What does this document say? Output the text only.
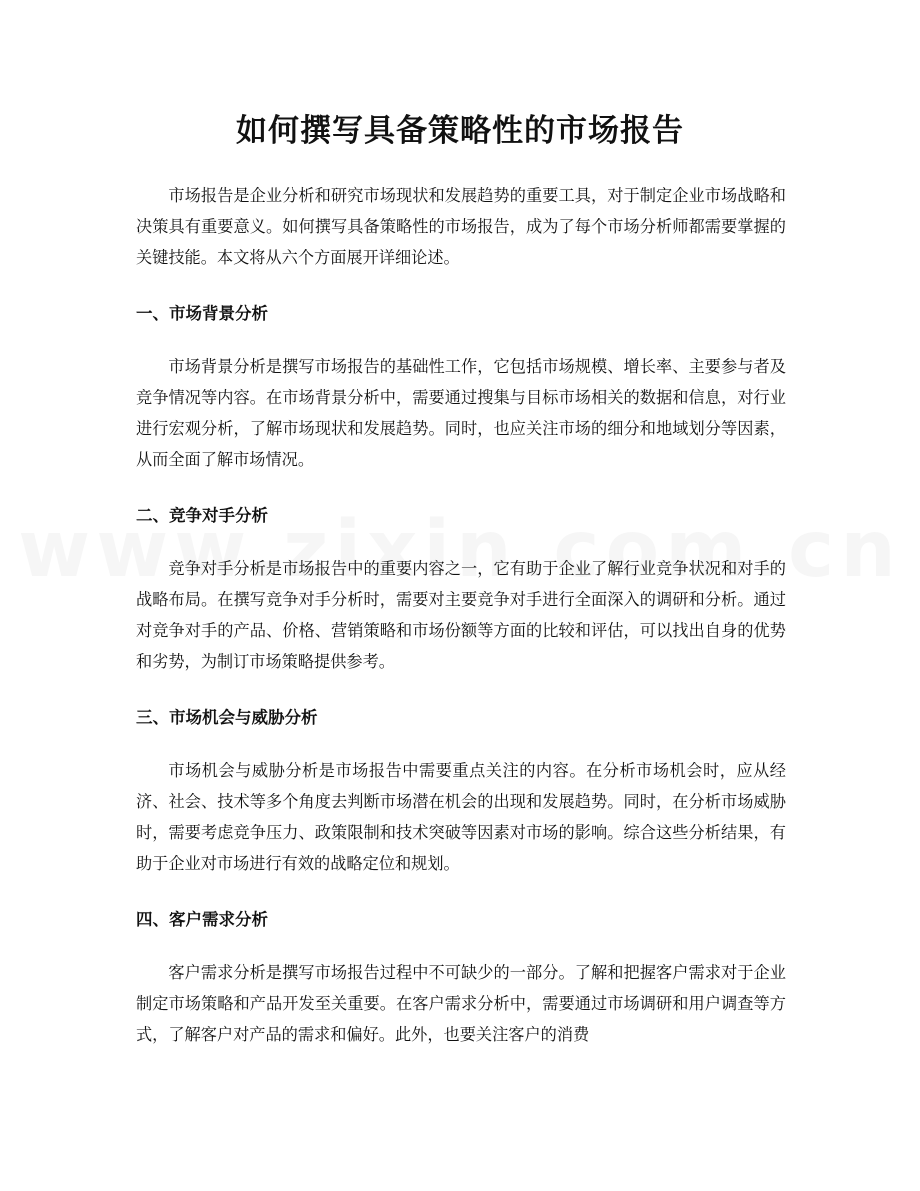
如何撰写具备策略性的市场报告

市场报告是企业分析和研究市场现状和发展趋势的重要工具，对于制定企业市场战略和决策具有重要意义。如何撰写具备策略性的市场报告，成为了每个市场分析师都需要掌握的关键技能。本文将从六个方面展开详细论述。

一、市场背景分析

市场背景分析是撰写市场报告的基础性工作，它包括市场规模、增长率、主要参与者及竞争情况等内容。在市场背景分析中，需要通过搜集与目标市场相关的数据和信息，对行业进行宏观分析，了解市场现状和发展趋势。同时，也应关注市场的细分和地域划分等因素，从而全面了解市场情况。

二、竞争对手分析

竞争对手分析是市场报告中的重要内容之一，它有助于企业了解行业竞争状况和对手的战略布局。在撰写竞争对手分析时，需要对主要竞争对手进行全面深入的调研和分析。通过对竞争对手的产品、价格、营销策略和市场份额等方面的比较和评估，可以找出自身的优势和劣势，为制订市场策略提供参考。

三、市场机会与威胁分析

市场机会与威胁分析是市场报告中需要重点关注的内容。在分析市场机会时，应从经济、社会、技术等多个角度去判断市场潜在机会的出现和发展趋势。同时，在分析市场威胁时，需要考虑竞争压力、政策限制和技术突破等因素对市场的影响。综合这些分析结果，有助于企业对市场进行有效的战略定位和规划。

四、客户需求分析

客户需求分析是撰写市场报告过程中不可缺少的一部分。了解和把握客户需求对于企业制定市场策略和产品开发至关重要。在客户需求分析中，需要通过市场调研和用户调查等方式，了解客户对产品的需求和偏好。此外，也要关注客户的消费
